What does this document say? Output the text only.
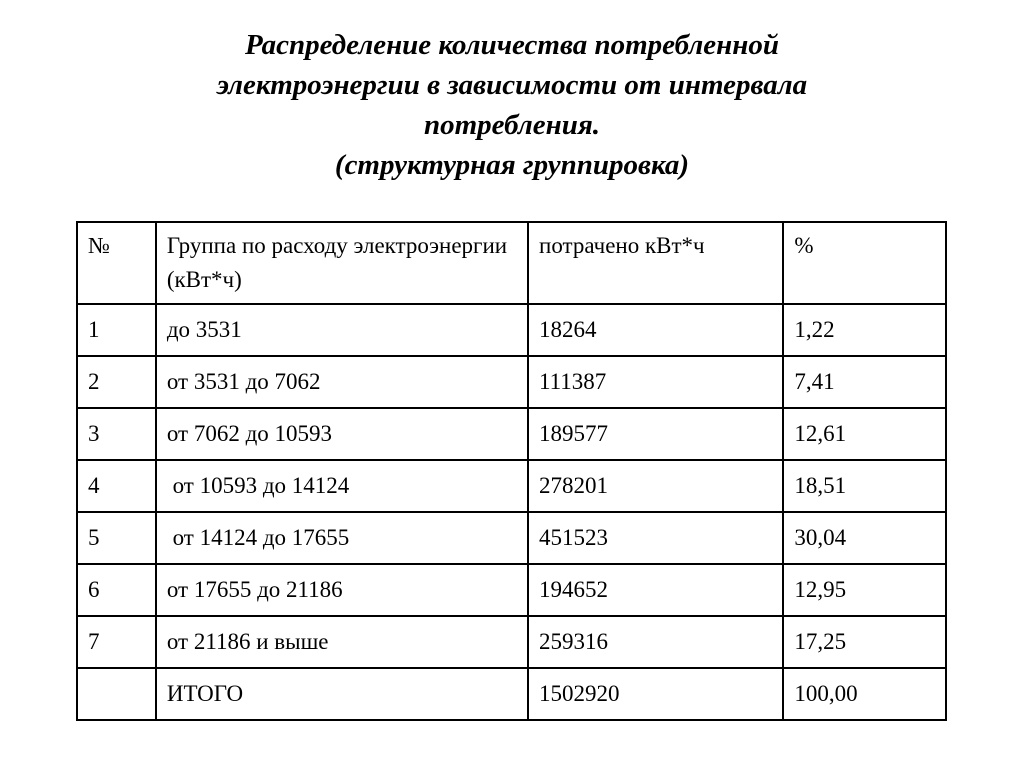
Распределение количества потребленной
электроэнергии в зависимости от интервала
потребления.
(структурная группировка)
№	Группа по расходу электроэнергии (кВт*ч)	потрачено кВт*ч	%
1	до 3531	18264	1,22
2	от 3531 до 7062	111387	7,41
3	от 7062 до 10593	189577	12,61
4	от 10593 до 14124	278201	18,51
5	от 14124 до 17655	451523	30,04
6	от 17655 до 21186	194652	12,95
7	от 21186 и выше	259316	17,25
	ИТОГО	1502920	100,00
